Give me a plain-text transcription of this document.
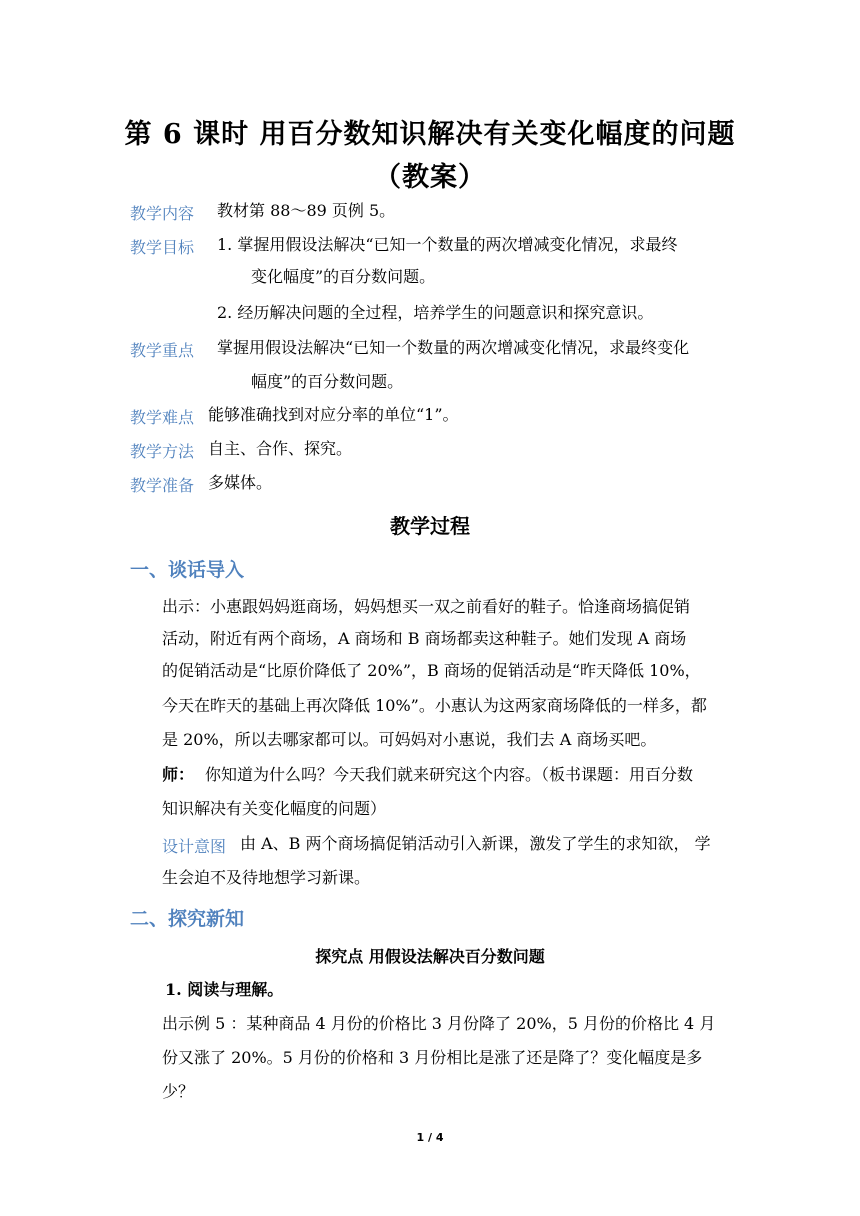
第 6 课时 用百分数知识解决有关变化幅度的问题
（教案）
教学内容 教材第 88～89 页例 5。
教学目标 1. 掌握用假设法解决“已知一个数量的两次增减变化情况，求最终
变化幅度”的百分数问题。
2. 经历解决问题的全过程，培养学生的问题意识和探究意识。
教学重点 掌握用假设法解决“已知一个数量的两次增减变化情况，求最终变化
幅度”的百分数问题。
教学难点 能够准确找到对应分率的单位“1”。
教学方法 自主、合作、探究。
教学准备 多媒体。
教学过程
一、谈话导入
出示：小惠跟妈妈逛商场，妈妈想买一双之前看好的鞋子。恰逢商场搞促销
活动，附近有两个商场，A 商场和 B 商场都卖这种鞋子。她们发现 A 商场
的促销活动是“比原价降低了 20%”，B 商场的促销活动是“昨天降低 10%，
今天在昨天的基础上再次降低 10%”。小惠认为这两家商场降低的一样多，都
是 20%，所以去哪家都可以。可妈妈对小惠说，我们去 A 商场买吧。
师： 你知道为什么吗？今天我们就来研究这个内容。（板书课题：用百分数
知识解决有关变化幅度的问题）
设计意图 由 A、B 两个商场搞促销活动引入新课，激发了学生的求知欲， 学
生会迫不及待地想学习新课。
二、探究新知
探究点 用假设法解决百分数问题
1. 阅读与理解。
出示例 5 ：某种商品 4 月份的价格比 3 月份降了 20%，5 月份的价格比 4 月
份又涨了 20%。5 月份的价格和 3 月份相比是涨了还是降了？变化幅度是多
少？
1 / 4
